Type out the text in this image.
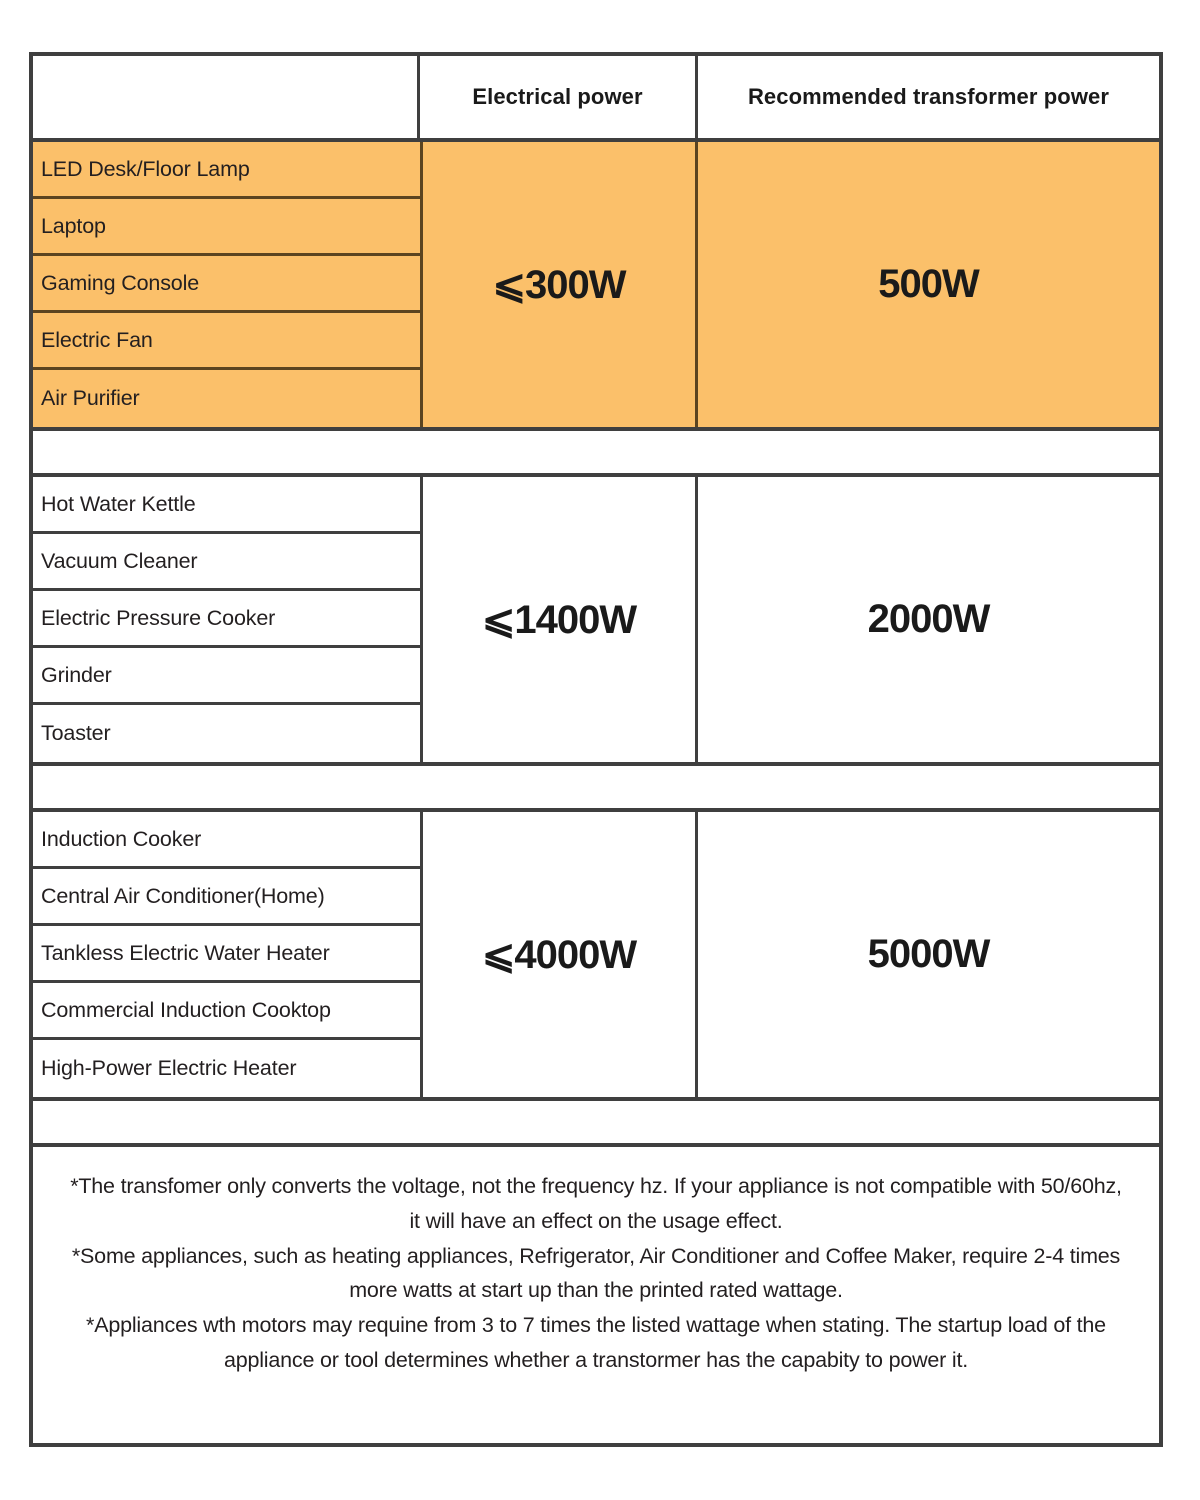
Electrical power	Recommended transformer power
LED Desk/Floor Lamp
Laptop
Gaming Console
Electric Fan
Air Purifier
⩽300W	500W
Hot Water Kettle
Vacuum Cleaner
Electric Pressure Cooker
Grinder
Toaster
⩽1400W	2000W
Induction Cooker
Central Air Conditioner(Home)
Tankless Electric Water Heater
Commercial Induction Cooktop
High-Power Electric Heater
⩽4000W	5000W

*The transfomer only converts the voltage, not the frequency hz. If your appliance is not compatible with 50/60hz, it will have an effect on the usage effect.

*Some appliances, such as heating appliances, Refrigerator, Air Conditioner and Coffee Maker, require 2-4 times more watts at start up than the printed rated wattage.

*Appliances wth motors may requine from 3 to 7 times the listed wattage when stating. The startup load of the appliance or tool determines whether a transtormer has the capabity to power it.
